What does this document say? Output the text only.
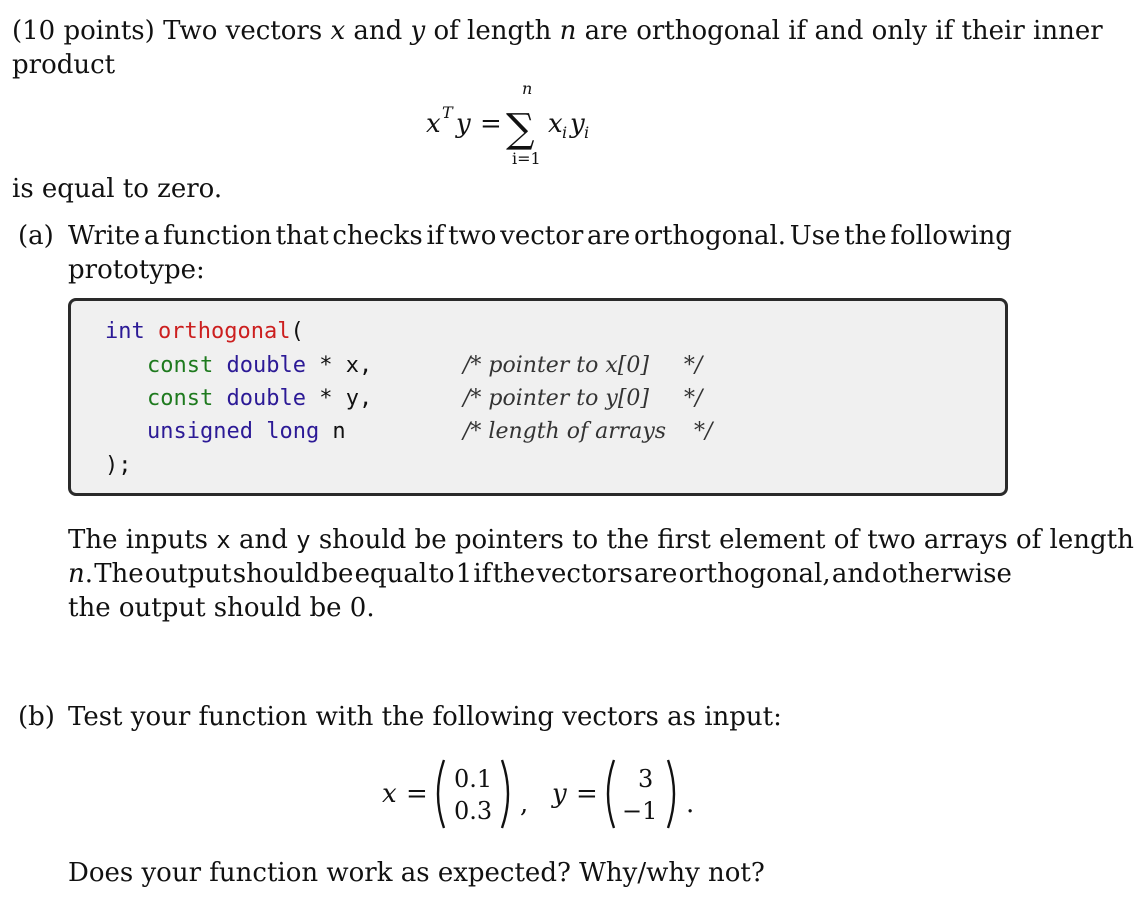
(10 points) Two vectors x and y of length n are orthogonal if and only if their inner
product
x T y =
n
∑
i=1
x i y i
is equal to zero.
(a) Write a function that checks if two vector are orthogonal. Use the following
prototype:
int orthogonal(
const double * x,	/* pointer to x[0]     */
const double * y,	/* pointer to y[0]     */
unsigned long n	/* length of arrays    */
);
The inputs x and y should be pointers to the first element of two arrays of length
n. The output should be equal to 1 if the vectors are orthogonal, and otherwise
the output should be 0.
(b) Test your function with the following vectors as input:
x = 0.1
0.3 , y = 3
−1 .
Does your function work as expected? Why/why not?
